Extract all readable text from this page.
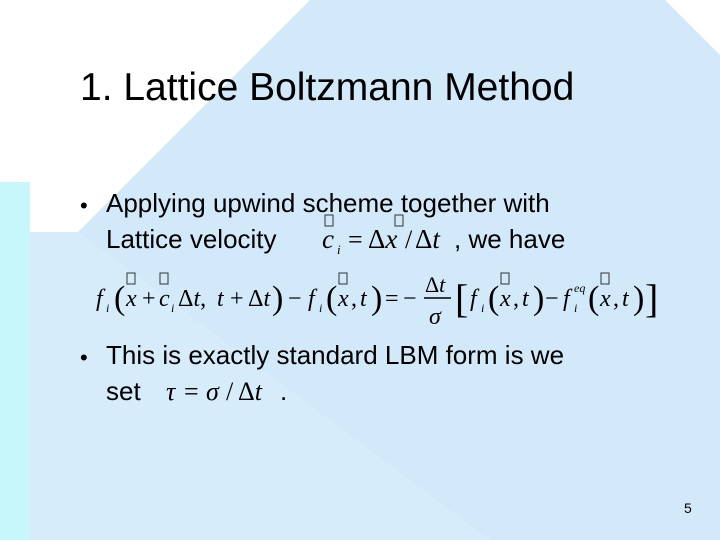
1. Lattice Boltzmann Method
• Applying upwind scheme together with
Lattice velocity c i = Δx / Δt , we have
f i ( x + c i Δt, t + Δt ) − f i ( x , t ) = −
Δt
σ [ f i ( x , t ) − f i
eq ( x , t ) ]
• This is exactly standard LBM form is we
set τ = σ / Δt .
5
